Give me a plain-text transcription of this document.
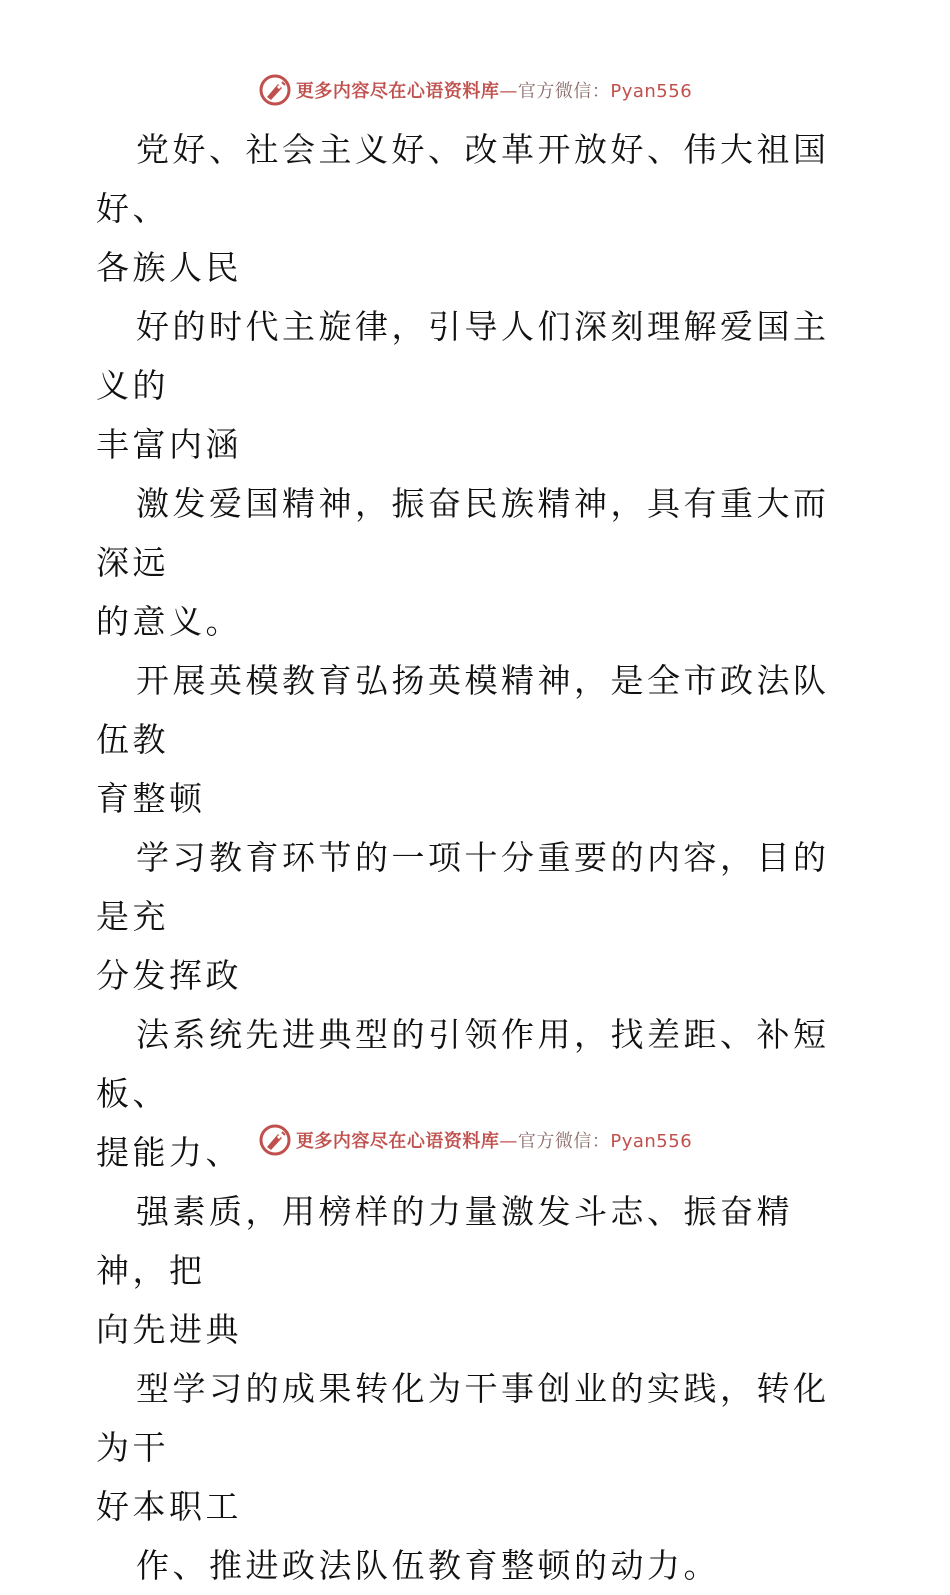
更多内容尽在心语资料库—官方微信：Pyan556

党好、社会主义好、改革开放好、伟大祖国好、
各族人民

好的时代主旋律，引导人们深刻理解爱国主义的
丰富内涵

激发爱国精神，振奋民族精神，具有重大而深远
的意义。

开展英模教育弘扬英模精神，是全市政法队伍教
育整顿

学习教育环节的一项十分重要的内容，目的是充
分发挥政

法系统先进典型的引领作用，找差距、补短板、
提能力、

强素质，用榜样的力量激发斗志、振奋精神，把
向先进典

型学习的成果转化为干事创业的实践，转化为干
好本职工

作、推进政法队伍教育整顿的动力。

更多内容尽在心语资料库—官方微信：Pyan556
